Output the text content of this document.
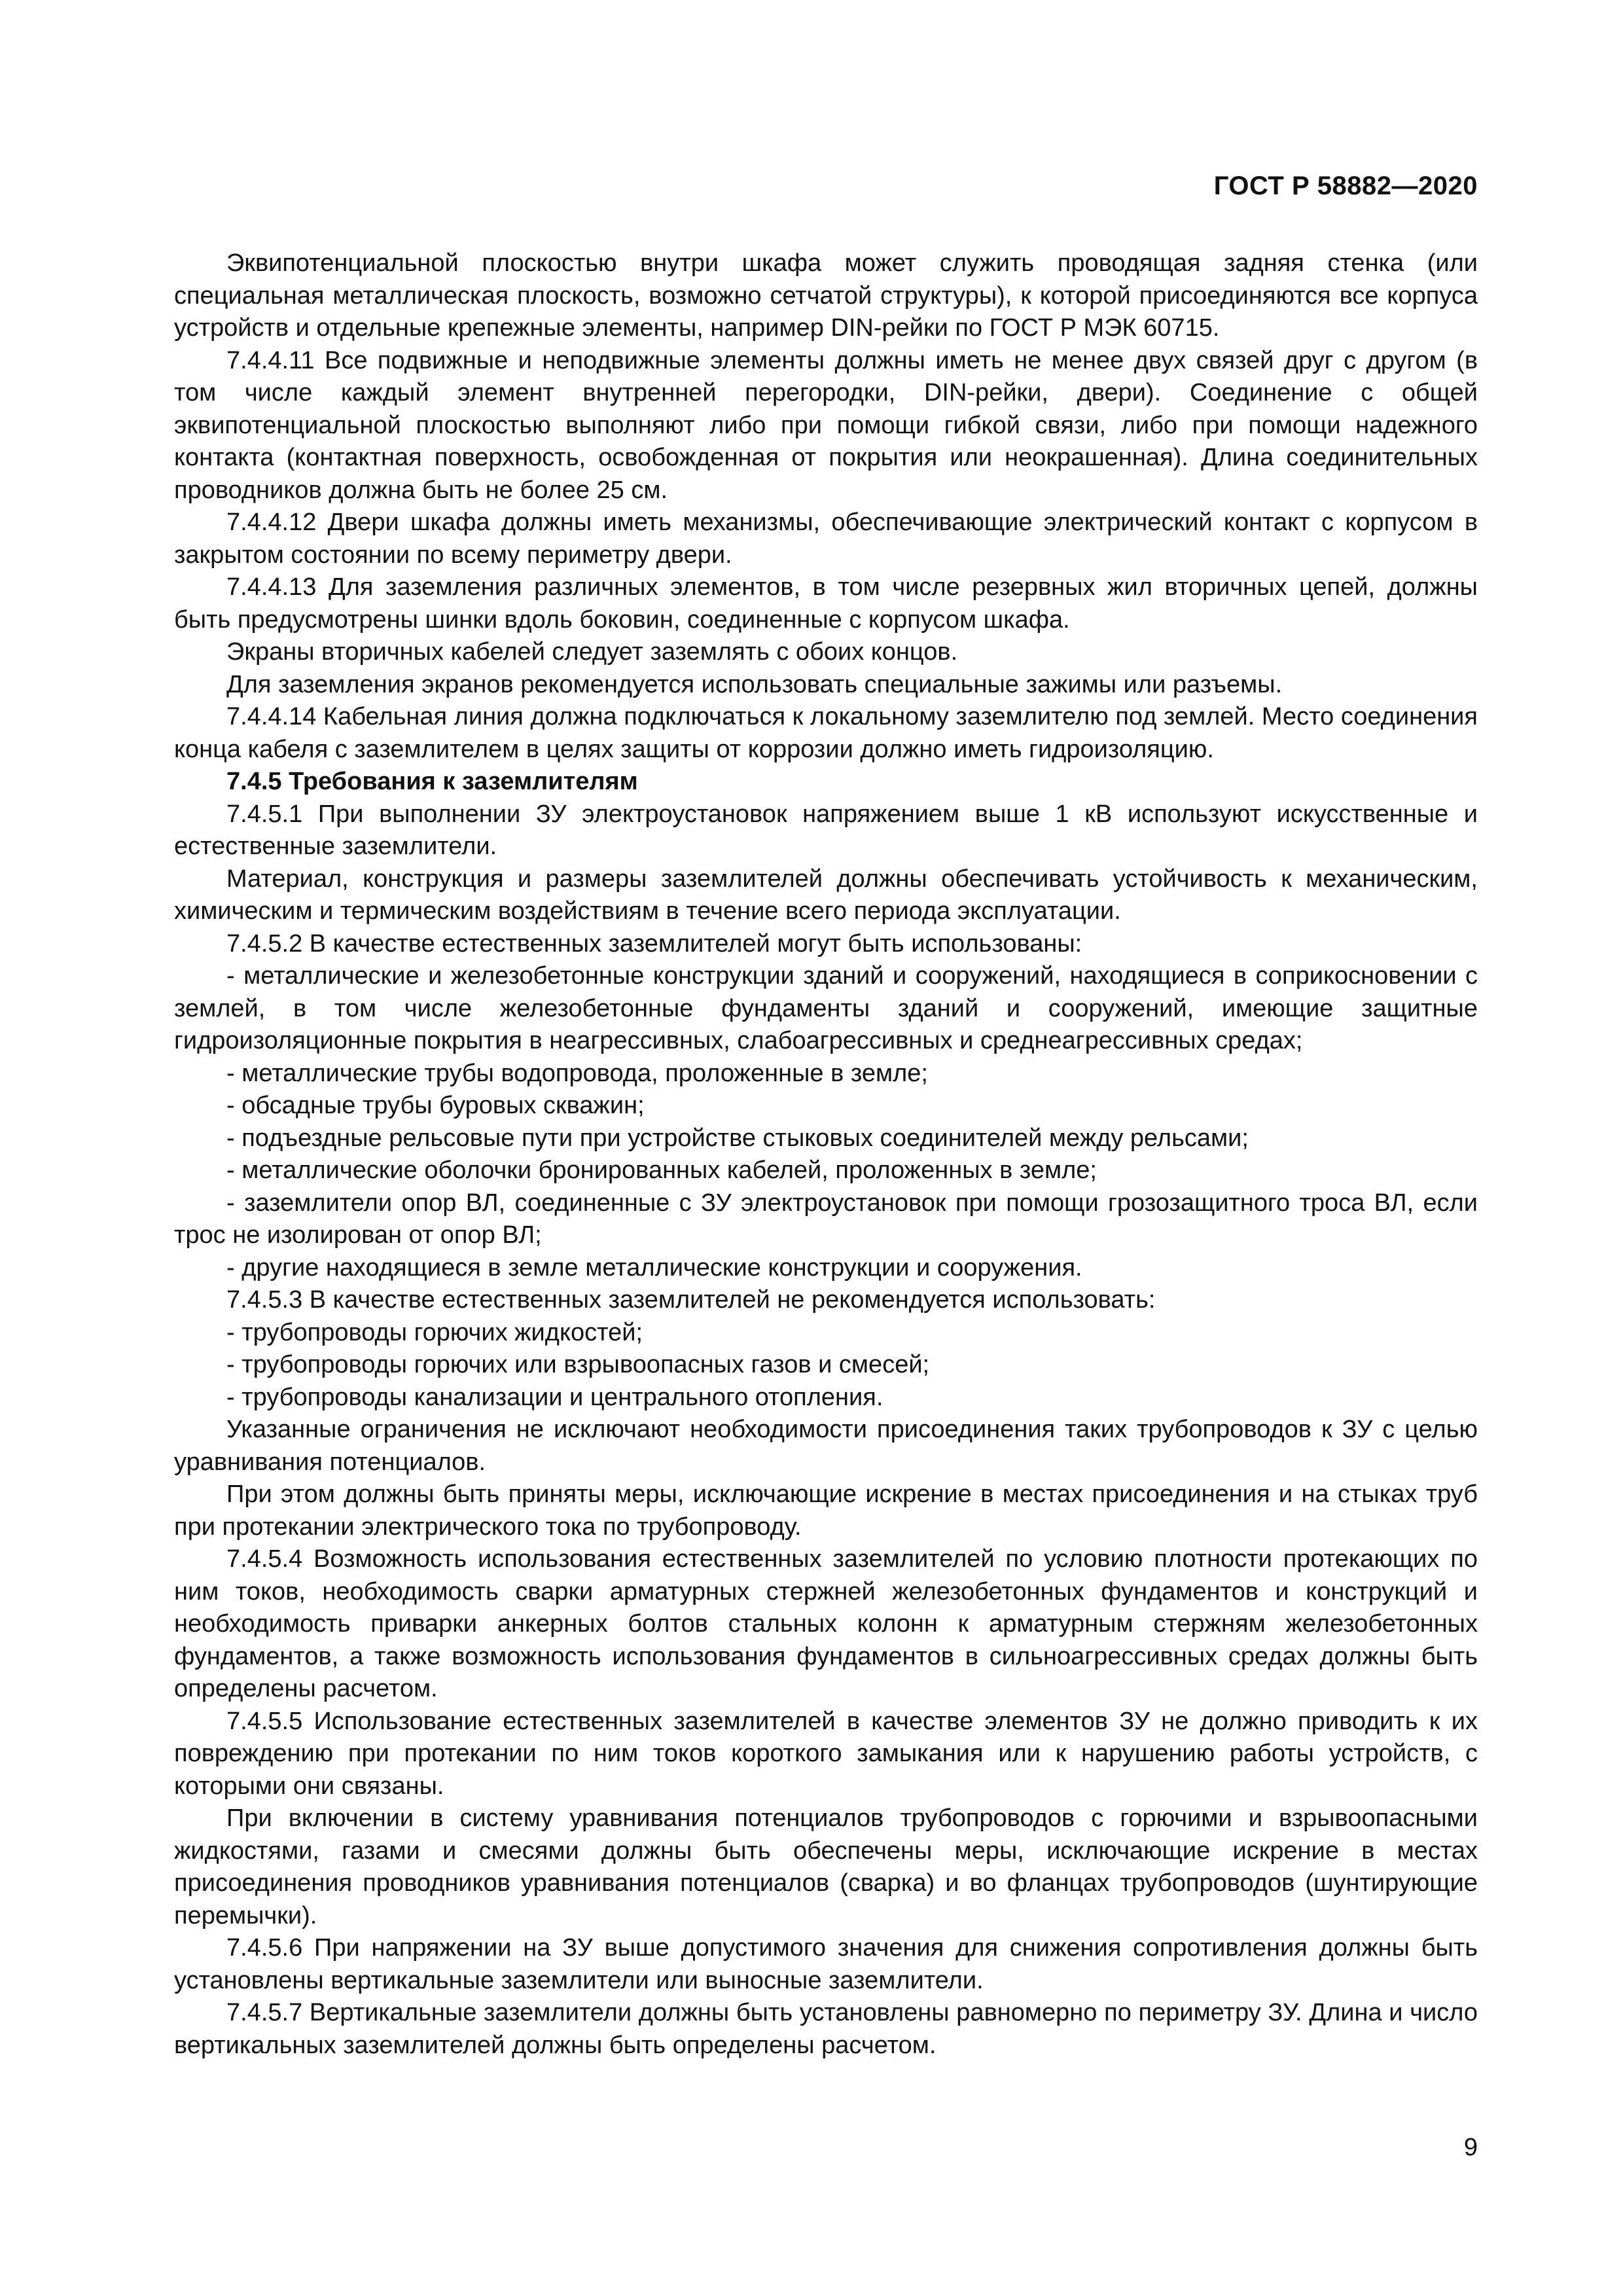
ГОСТ Р 58882—2020

Эквипотенциальной плоскостью внутри шкафа может служить проводящая задняя стенка (или специальная металлическая плоскость, возможно сетчатой структуры), к которой присоединяются все корпуса устройств и отдельные крепежные элементы, например DIN-рейки по ГОСТ Р МЭК 60715.

7.4.4.11 Все подвижные и неподвижные элементы должны иметь не менее двух связей друг с другом (в том числе каждый элемент внутренней перегородки, DIN-рейки, двери). Соединение с общей эквипотенциальной плоскостью выполняют либо при помощи гибкой связи, либо при помощи надежного контакта (контактная поверхность, освобожденная от покрытия или неокрашенная). Длина соединительных проводников должна быть не более 25 см.

7.4.4.12 Двери шкафа должны иметь механизмы, обеспечивающие электрический контакт с корпусом в закрытом состоянии по всему периметру двери.

7.4.4.13 Для заземления различных элементов, в том числе резервных жил вторичных цепей, должны быть предусмотрены шинки вдоль боковин, соединенные с корпусом шкафа.

Экраны вторичных кабелей следует заземлять с обоих концов.

Для заземления экранов рекомендуется использовать специальные зажимы или разъемы.

7.4.4.14 Кабельная линия должна подключаться к локальному заземлителю под землей. Место соединения конца кабеля с заземлителем в целях защиты от коррозии должно иметь гидроизоляцию.

7.4.5 Требования к заземлителям

7.4.5.1 При выполнении ЗУ электроустановок напряжением выше 1 кВ используют искусственные и естественные заземлители.

Материал, конструкция и размеры заземлителей должны обеспечивать устойчивость к механическим, химическим и термическим воздействиям в течение всего периода эксплуатации.

7.4.5.2 В качестве естественных заземлителей могут быть использованы:

- металлические и железобетонные конструкции зданий и сооружений, находящиеся в соприкосновении с землей, в том числе железобетонные фундаменты зданий и сооружений, имеющие защитные гидроизоляционные покрытия в неагрессивных, слабоагрессивных и среднеагрессивных средах;

- металлические трубы водопровода, проложенные в земле;

- обсадные трубы буровых скважин;

- подъездные рельсовые пути при устройстве стыковых соединителей между рельсами;

- металлические оболочки бронированных кабелей, проложенных в земле;

- заземлители опор ВЛ, соединенные с ЗУ электроустановок при помощи грозозащитного троса ВЛ, если трос не изолирован от опор ВЛ;

- другие находящиеся в земле металлические конструкции и сооружения.

7.4.5.3 В качестве естественных заземлителей не рекомендуется использовать:

- трубопроводы горючих жидкостей;

- трубопроводы горючих или взрывоопасных газов и смесей;

- трубопроводы канализации и центрального отопления.

Указанные ограничения не исключают необходимости присоединения таких трубопроводов к ЗУ с целью уравнивания потенциалов.

При этом должны быть приняты меры, исключающие искрение в местах присоединения и на стыках труб при протекании электрического тока по трубопроводу.

7.4.5.4 Возможность использования естественных заземлителей по условию плотности протекающих по ним токов, необходимость сварки арматурных стержней железобетонных фундаментов и конструкций и необходимость приварки анкерных болтов стальных колонн к арматурным стержням железобетонных фундаментов, а также возможность использования фундаментов в сильноагрессивных средах должны быть определены расчетом.

7.4.5.5 Использование естественных заземлителей в качестве элементов ЗУ не должно приводить к их повреждению при протекании по ним токов короткого замыкания или к нарушению работы устройств, с которыми они связаны.

При включении в систему уравнивания потенциалов трубопроводов с горючими и взрывоопасными жидкостями, газами и смесями должны быть обеспечены меры, исключающие искрение в местах присоединения проводников уравнивания потенциалов (сварка) и во фланцах трубопроводов (шунтирующие перемычки).

7.4.5.6 При напряжении на ЗУ выше допустимого значения для снижения сопротивления должны быть установлены вертикальные заземлители или выносные заземлители.

7.4.5.7 Вертикальные заземлители должны быть установлены равномерно по периметру ЗУ. Длина и число вертикальных заземлителей должны быть определены расчетом.

9
